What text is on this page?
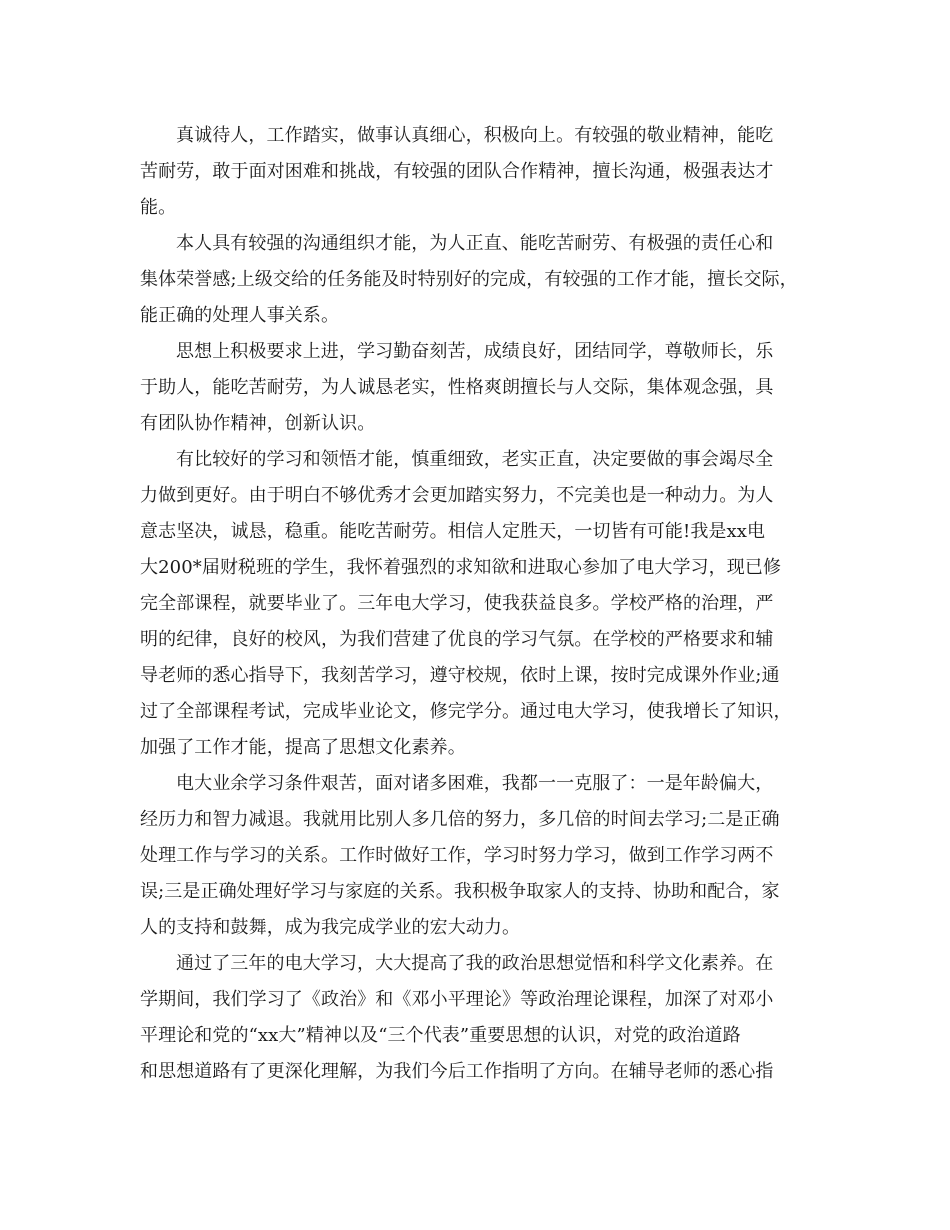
真诚待人，工作踏实，做事认真细心，积极向上。有较强的敬业精神，能吃

苦耐劳，敢于面对困难和挑战，有较强的团队合作精神，擅长沟通，极强表达才

能。

本人具有较强的沟通组织才能，为人正直、能吃苦耐劳、有极强的责任心和

集体荣誉感;上级交给的任务能及时特别好的完成，有较强的工作才能，擅长交际，

能正确的处理人事关系。

思想上积极要求上进，学习勤奋刻苦，成绩良好，团结同学，尊敬师长，乐

于助人，能吃苦耐劳，为人诚恳老实，性格爽朗擅长与人交际，集体观念强，具

有团队协作精神，创新认识。

有比较好的学习和领悟才能，慎重细致，老实正直，决定要做的事会竭尽全

力做到更好。由于明白不够优秀才会更加踏实努力，不完美也是一种动力。为人

意志坚决，诚恳，稳重。能吃苦耐劳。相信人定胜天，一切皆有可能!我是xx电

大200*届财税班的学生，我怀着强烈的求知欲和进取心参加了电大学习，现已修

完全部课程，就要毕业了。三年电大学习，使我获益良多。学校严格的治理，严

明的纪律，良好的校风，为我们营建了优良的学习气氛。在学校的严格要求和辅

导老师的悉心指导下，我刻苦学习，遵守校规，依时上课，按时完成课外作业;通

过了全部课程考试，完成毕业论文，修完学分。通过电大学习，使我增长了知识，

加强了工作才能，提高了思想文化素养。

电大业余学习条件艰苦，面对诸多困难，我都一一克服了：一是年龄偏大，

经历力和智力减退。我就用比别人多几倍的努力，多几倍的时间去学习;二是正确

处理工作与学习的关系。工作时做好工作，学习时努力学习，做到工作学习两不

误;三是正确处理好学习与家庭的关系。我积极争取家人的支持、协助和配合，家

人的支持和鼓舞，成为我完成学业的宏大动力。

通过了三年的电大学习，大大提高了我的政治思想觉悟和科学文化素养。在

学期间，我们学习了《政治》和《邓小平理论》等政治理论课程，加深了对邓小

平理论和党的“xx大”精神以及“三个代表”重要思想的认识，对党的政治道路

和思想道路有了更深化理解，为我们今后工作指明了方向。在辅导老师的悉心指
